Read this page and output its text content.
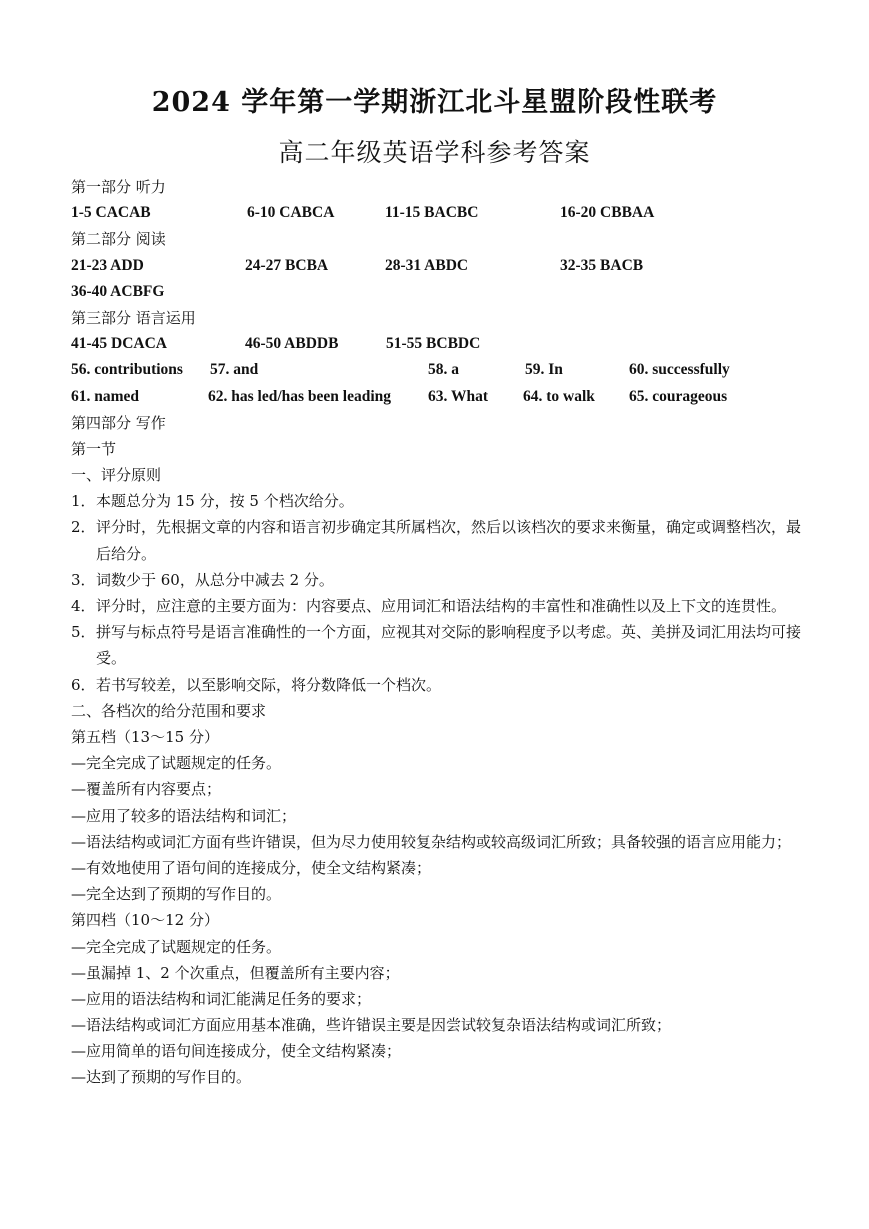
2024 学年第一学期浙江北斗星盟阶段性联考
高二年级英语学科参考答案
第一部分 听力
1-5 CACAB	6-10 CABCA	11-15 BACBC	16-20 CBBAA
第二部分 阅读
21-23 ADD	24-27 BCBA	28-31 ABDC	32-35 BACB
36-40 ACBFG
第三部分 语言运用
41-45 DCACA	46-50 ABDDB	51-55 BCBDC
56. contributions 57. and	58. a	59. In	60. successfully
61. named	62. has led/has been leading 63. What 64. to walk 65. courageous
第四部分 写作
第一节
一、评分原则
1． 本题总分为 15 分，按 5 个档次给分。
2． 评分时，先根据文章的内容和语言初步确定其所属档次，然后以该档次的要求来衡量，确定或调整档次，最后给分。
3． 词数少于 60，从总分中减去 2 分。
4． 评分时，应注意的主要方面为：内容要点、应用词汇和语法结构的丰富性和准确性以及上下文的连贯性。
5． 拼写与标点符号是语言准确性的一个方面，应视其对交际的影响程度予以考虑。英、美拼及词汇用法均可接受。
6． 若书写较差，以至影响交际，将分数降低一个档次。
二、各档次的给分范围和要求
第五档（13～15 分）
—完全完成了试题规定的任务。
—覆盖所有内容要点；
—应用了较多的语法结构和词汇；
—语法结构或词汇方面有些许错误，但为尽力使用较复杂结构或较高级词汇所致；具备较强的语言应用能力；
—有效地使用了语句间的连接成分，使全文结构紧凑；
—完全达到了预期的写作目的。
第四档（10～12 分）
—完全完成了试题规定的任务。
—虽漏掉 1、2 个次重点，但覆盖所有主要内容；
—应用的语法结构和词汇能满足任务的要求；
—语法结构或词汇方面应用基本准确，些许错误主要是因尝试较复杂语法结构或词汇所致；
—应用简单的语句间连接成分，使全文结构紧凑；
—达到了预期的写作目的。
